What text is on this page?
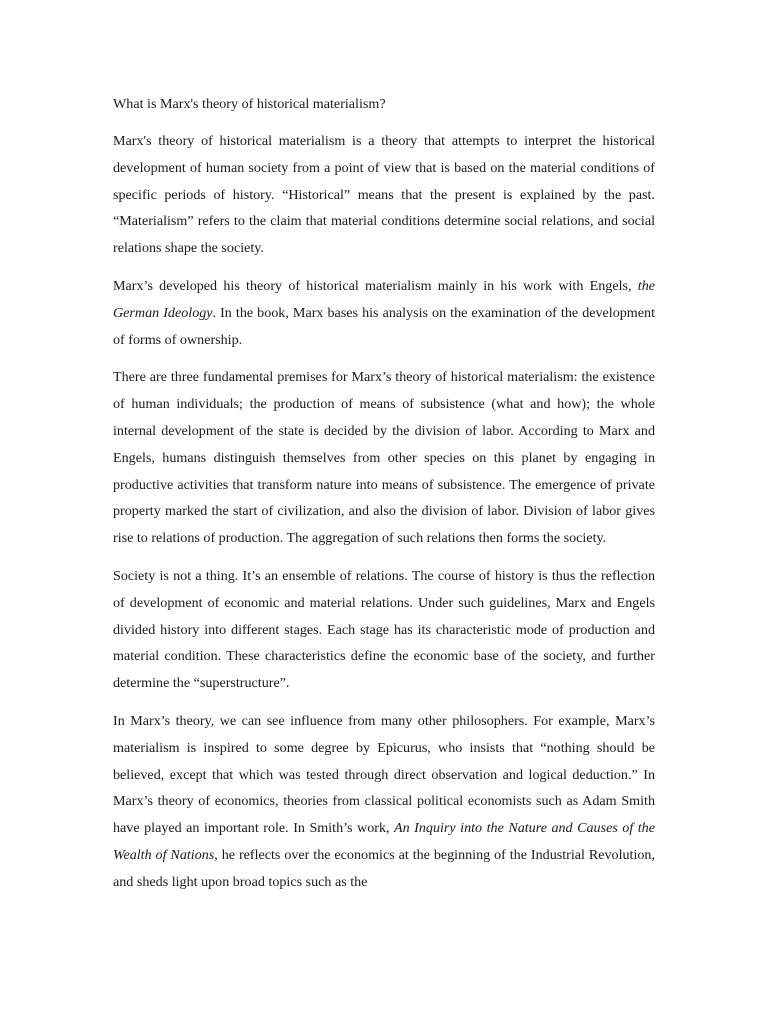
What is Marx's theory of historical materialism?

Marx's theory of historical materialism is a theory that attempts to interpret the historical development of human society from a point of view that is based on the material conditions of specific periods of history. “Historical” means that the present is explained by the past. “Materialism” refers to the claim that material conditions determine social relations, and social relations shape the society.

Marx’s developed his theory of historical materialism mainly in his work with Engels, the German Ideology. In the book, Marx bases his analysis on the examination of the development of forms of ownership.

There are three fundamental premises for Marx’s theory of historical materialism: the existence of human individuals; the production of means of subsistence (what and how); the whole internal development of the state is decided by the division of labor. According to Marx and Engels, humans distinguish themselves from other species on this planet by engaging in productive activities that transform nature into means of subsistence. The emergence of private property marked the start of civilization, and also the division of labor. Division of labor gives rise to relations of production. The aggregation of such relations then forms the society.

Society is not a thing. It’s an ensemble of relations. The course of history is thus the reflection of development of economic and material relations. Under such guidelines, Marx and Engels divided history into different stages. Each stage has its characteristic mode of production and material condition. These characteristics define the economic base of the society, and further determine the “superstructure”.

In Marx’s theory, we can see influence from many other philosophers. For example, Marx’s materialism is inspired to some degree by Epicurus, who insists that “nothing should be believed, except that which was tested through direct observation and logical deduction.” In Marx’s theory of economics, theories from classical political economists such as Adam Smith have played an important role. In Smith’s work, An Inquiry into the Nature and Causes of the Wealth of Nations, he reflects over the economics at the beginning of the Industrial Revolution, and sheds light upon broad topics such as the
